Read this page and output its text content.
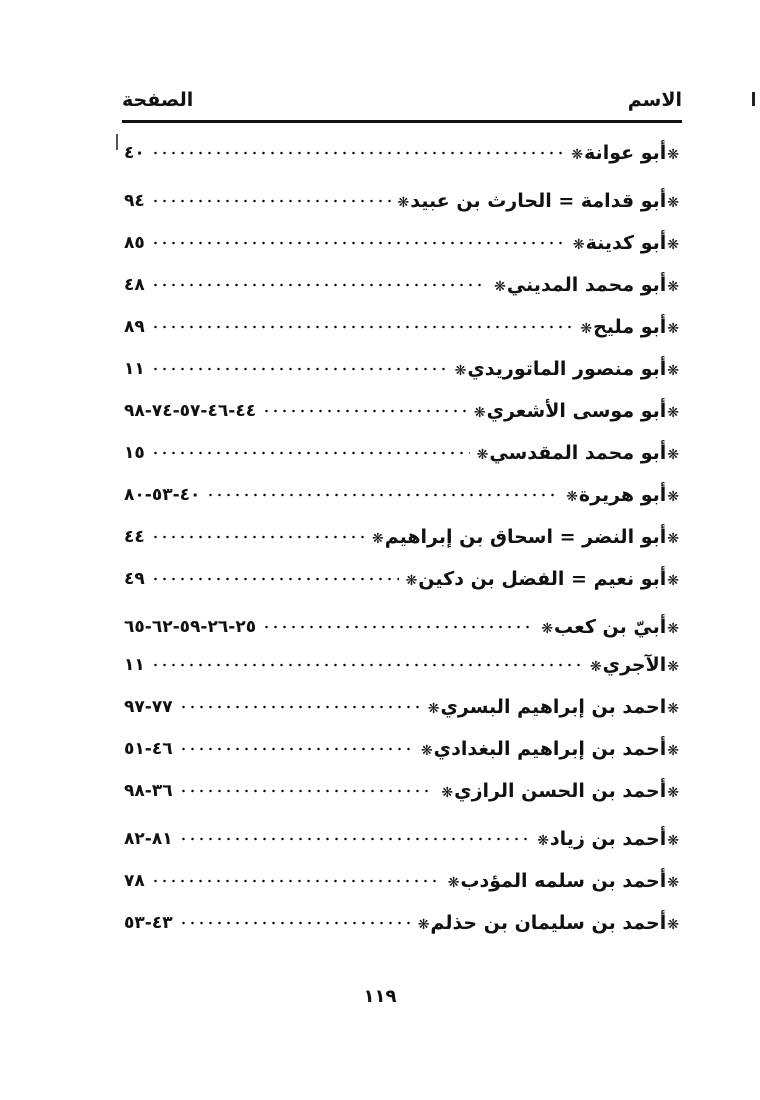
الاسم
الصفحة
❋أبو عوانة❋
٤٠
❋أبو قدامة = الحارث بن عبيد❋
٩٤
❋أبو كدينة❋
٨٥
❋أبو محمد المديني❋
٤٨
❋أبو مليح❋
٨٩
❋أبو منصور الماتوريدي❋
١١
❋أبو موسى الأشعري❋
٤٤-٤٦-٥٧-٧٤-٩٨
❋أبو محمد المقدسي❋
١٥
❋أبو هريرة❋
٤٠-٥٣-٨٠
❋أبو النضر = اسحاق بن إبراهيم❋
٤٤
❋أبو نعيم = الفضل بن دكين❋
٤٩
❋أبيّ بن كعب❋
٢٥-٢٦-٥٩-٦٢-٦٥
❋الآجري❋
١١
❋احمد بن إبراهيم البسري❋
٧٧-٩٧
❋أحمد بن إبراهيم البغدادي❋
٤٦-٥١
❋أحمد بن الحسن الرازي❋
٣٦-٩٨
❋أحمد بن زياد❋
٨١-٨٢
❋أحمد بن سلمه المؤدب❋
٧٨
❋أحمد بن سليمان بن حذلم❋
٤٣-٥٣
١١٩
